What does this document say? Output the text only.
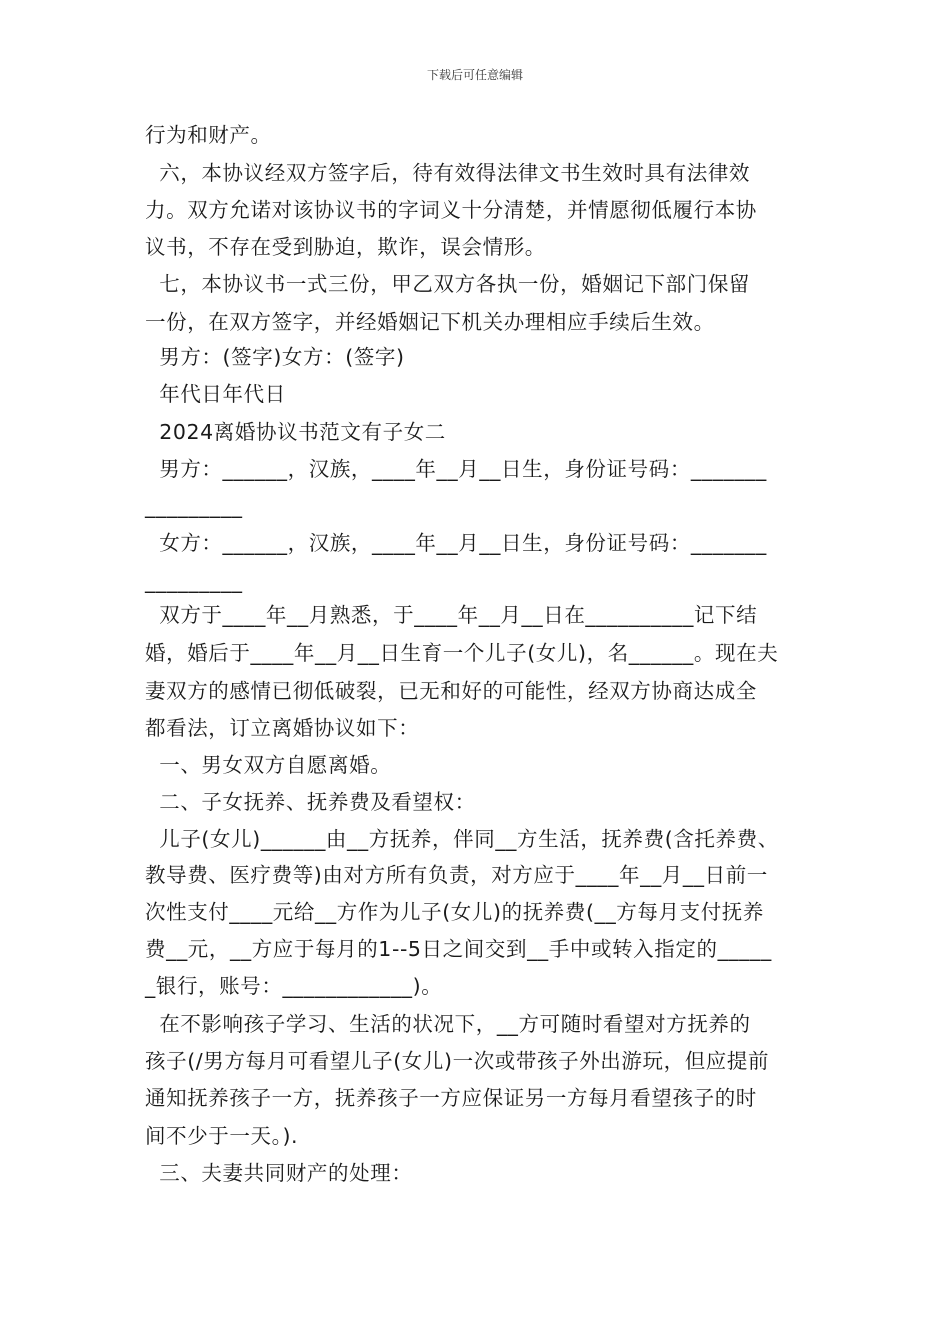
下载后可任意编辑
行为和财产。
六，本协议经双方签字后，待有效得法律文书生效时具有法律效
力。双方允诺对该协议书的字词义十分清楚，并情愿彻低履行本协
议书，不存在受到胁迫，欺诈，误会情形。
七，本协议书一式三份，甲乙双方各执一份，婚姻记下部门保留
一份，在双方签字，并经婚姻记下机关办理相应手续后生效。
男方：(签字)女方：(签字)
年代日年代日
2024离婚协议书范文有子女二
男方：______，汉族，____年__月__日生，身份证号码：_______
_________
女方：______，汉族，____年__月__日生，身份证号码：_______
_________
双方于____年__月熟悉，于____年__月__日在__________记下结
婚，婚后于____年__月__日生育一个儿子(女儿)，名______。现在夫
妻双方的感情已彻低破裂，已无和好的可能性，经双方协商达成全
都看法，订立离婚协议如下：
一、男女双方自愿离婚。
二、子女抚养、抚养费及看望权：
儿子(女儿)______由__方抚养，伴同__方生活，抚养费(含托养费、
教导费、医疗费等)由对方所有负责，对方应于____年__月__日前一
次性支付____元给__方作为儿子(女儿)的抚养费(__方每月支付抚养
费__元，__方应于每月的1--5日之间交到__手中或转入指定的_____
_银行，账号：____________)。
在不影响孩子学习、生活的状况下，__方可随时看望对方抚养的
孩子(/男方每月可看望儿子(女儿)一次或带孩子外出游玩，但应提前
通知抚养孩子一方，抚养孩子一方应保证另一方每月看望孩子的时
间不少于一天。).
三、夫妻共同财产的处理：
